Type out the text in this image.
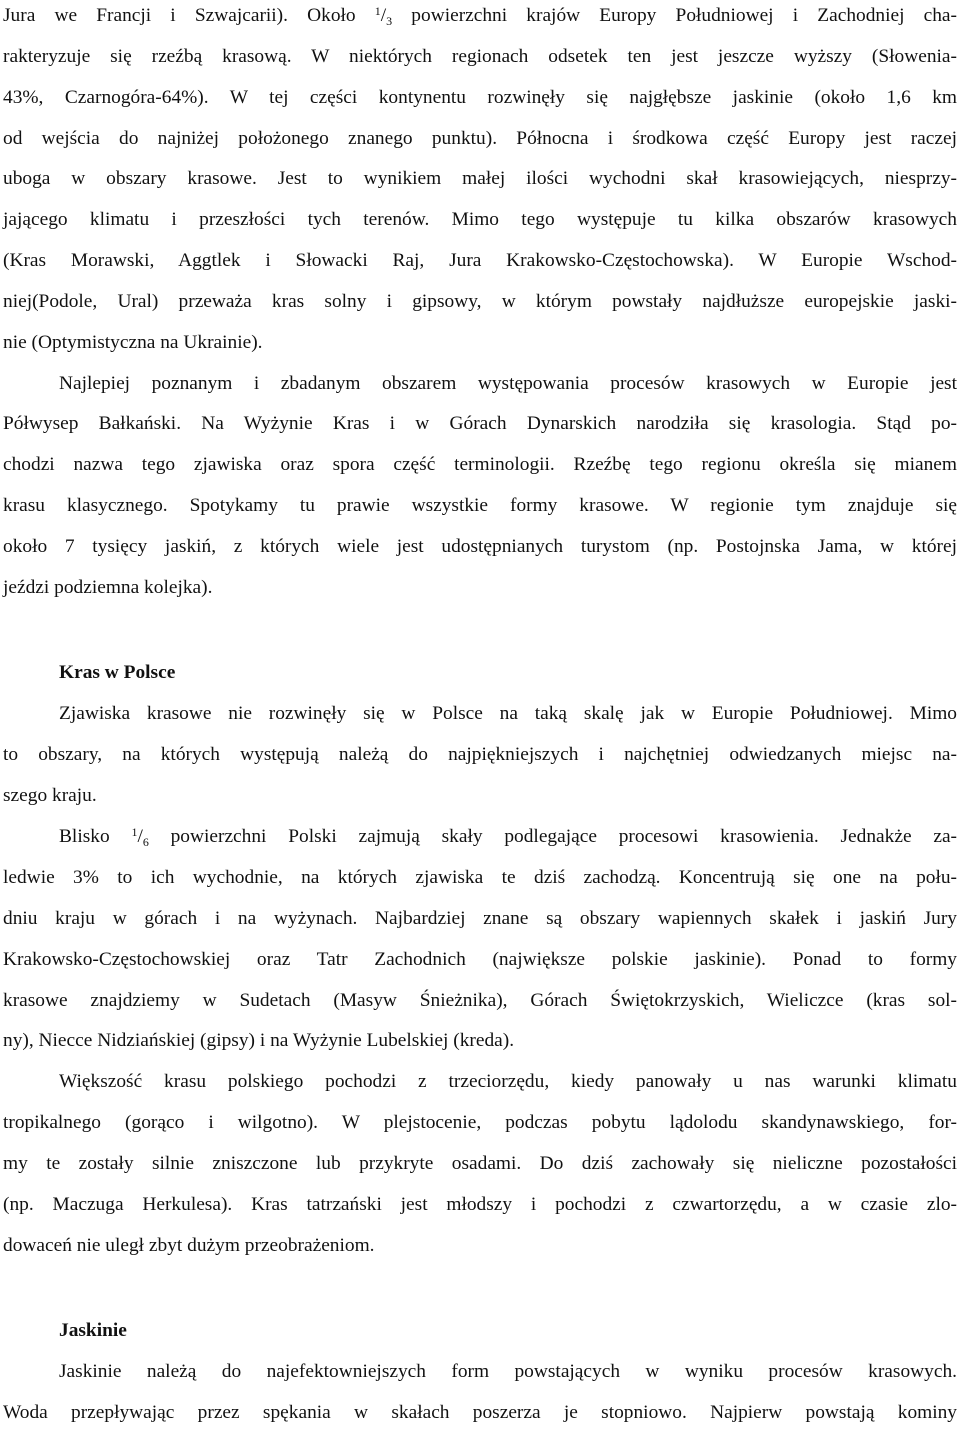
Jura we Francji i Szwajcarii). Około $^1/_3$ powierzchni krajów Europy Południowej i Zachodniej cha-
rakteryzuje się rzeźbą krasową. W niektórych regionach odsetek ten jest jeszcze wyższy (Słowenia-
43%, Czarnogóra-64%). W tej części kontynentu rozwinęły się najgłębsze jaskinie (około 1,6 km
od wejścia do najniżej położonego znanego punktu). Północna i środkowa część Europy jest raczej
uboga w obszary krasowe. Jest to wynikiem małej ilości wychodni skał krasowiejących, niesprzy-
jającego klimatu i przeszłości tych terenów. Mimo tego występuje tu kilka obszarów krasowych
(Kras Morawski, Aggtlek i Słowacki Raj, Jura Krakowsko-Częstochowska). W Europie Wschod-
niej(Podole, Ural) przeważa kras solny i gipsowy, w którym powstały najdłuższe europejskie jaski-
nie (Optymistyczna na Ukrainie).
Najlepiej poznanym i zbadanym obszarem występowania procesów krasowych w Europie jest
Półwysep Bałkański. Na Wyżynie Kras i w Górach Dynarskich narodziła się krasologia. Stąd po-
chodzi nazwa tego zjawiska oraz spora część terminologii. Rzeźbę tego regionu określa się mianem
krasu klasycznego. Spotykamy tu prawie wszystkie formy krasowe. W regionie tym znajduje się
około 7 tysięcy jaskiń, z których wiele jest udostępnianych turystom (np. Postojnska Jama, w której
jeździ podziemna kolejka).
Kras w Polsce
Zjawiska krasowe nie rozwinęły się w Polsce na taką skalę jak w Europie Południowej. Mimo
to obszary, na których występują należą do najpiękniejszych i najchętniej odwiedzanych miejsc na-
szego kraju.
Blisko $^1/_6$ powierzchni Polski zajmują skały podlegające procesowi krasowienia. Jednakże za-
ledwie 3% to ich wychodnie, na których zjawiska te dziś zachodzą. Koncentrują się one na połu-
dniu kraju w górach i na wyżynach. Najbardziej znane są obszary wapiennych skałek i jaskiń Jury
Krakowsko-Częstochowskiej oraz Tatr Zachodnich (największe polskie jaskinie). Ponad to formy
krasowe znajdziemy w Sudetach (Masyw Śnieżnika), Górach Świętokrzyskich, Wieliczce (kras sol-
ny), Niecce Nidziańskiej (gipsy) i na Wyżynie Lubelskiej (kreda).
Większość krasu polskiego pochodzi z trzeciorzędu, kiedy panowały u nas warunki klimatu
tropikalnego (gorąco i wilgotno). W plejstocenie, podczas pobytu lądolodu skandynawskiego, for-
my te zostały silnie zniszczone lub przykryte osadami. Do dziś zachowały się nieliczne pozostałości
(np. Maczuga Herkulesa). Kras tatrzański jest młodszy i pochodzi z czwartorzędu, a w czasie zlo-
dowaceń nie uległ zbyt dużym przeobrażeniom.
Jaskinie
Jaskinie należą do najefektowniejszych form powstających w wyniku procesów krasowych.
Woda przepływając przez spękania w skałach poszerza je stopniowo. Najpierw powstają kominy
